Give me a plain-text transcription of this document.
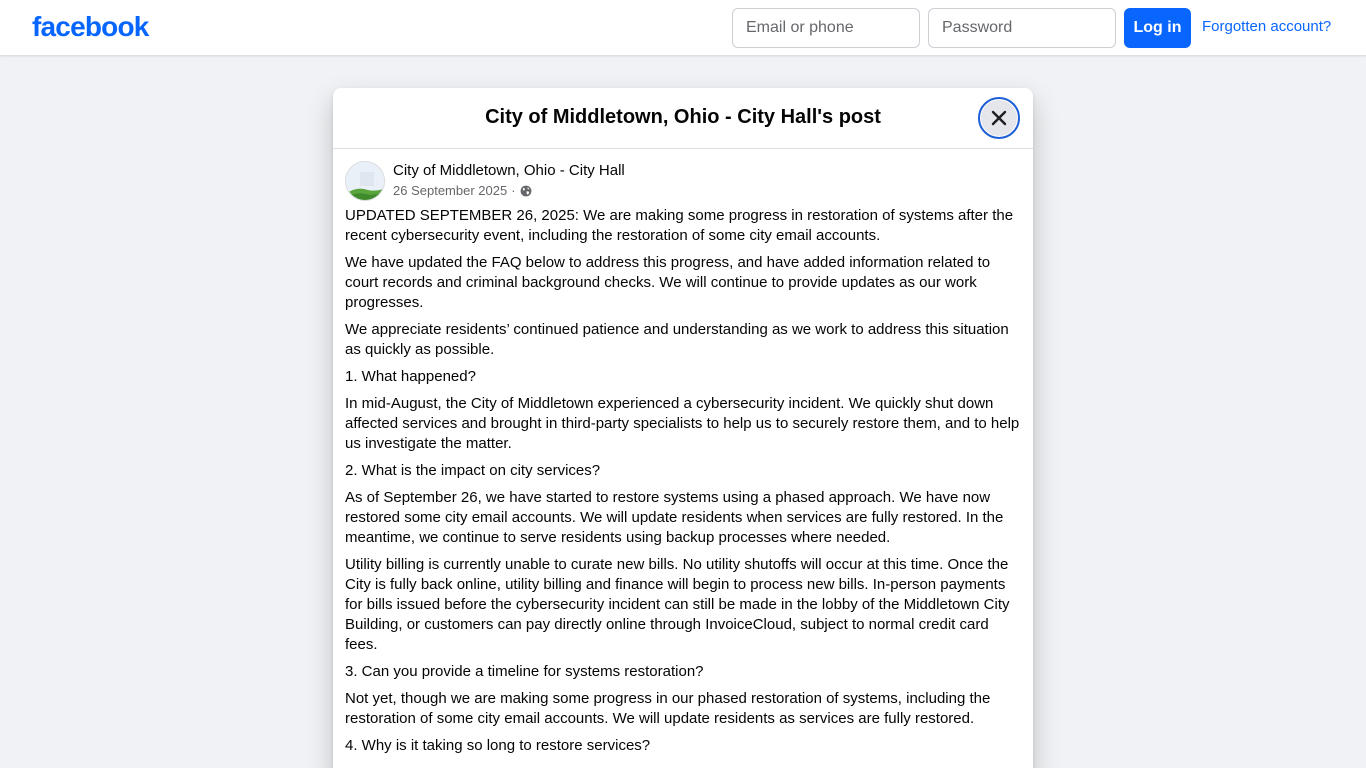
facebook
Email or phone	Log in	Forgotten account?
City of Middletown, Ohio - City Hall's post
City of Middletown, Ohio - City Hall
26 September 2025 ·

UPDATED SEPTEMBER 26, 2025: We are making some progress in restoration of systems after the recent cybersecurity event, including the restoration of some city email accounts.

We have updated the FAQ below to address this progress, and have added information related to court records and criminal background checks. We will continue to provide updates as our work progresses.

We appreciate residents’ continued patience and understanding as we work to address this situation as quickly as possible.

1. What happened?

In mid-August, the City of Middletown experienced a cybersecurity incident. We quickly shut down affected services and brought in third-party specialists to help us to securely restore them, and to help us investigate the matter.

2. What is the impact on city services?

As of September 26, we have started to restore systems using a phased approach. We have now restored some city email accounts. We will update residents when services are fully restored. In the meantime, we continue to serve residents using backup processes where needed.

Utility billing is currently unable to curate new bills. No utility shutoffs will occur at this time. Once the City is fully back online, utility billing and finance will begin to process new bills. In-person payments for bills issued before the cybersecurity incident can still be made in the lobby of the Middletown City Building, or customers can pay directly online through InvoiceCloud, subject to normal credit card fees.

3. Can you provide a timeline for systems restoration?

Not yet, though we are making some progress in our phased restoration of systems, including the restoration of some city email accounts. We will update residents as services are fully restored.

4. Why is it taking so long to restore services?
